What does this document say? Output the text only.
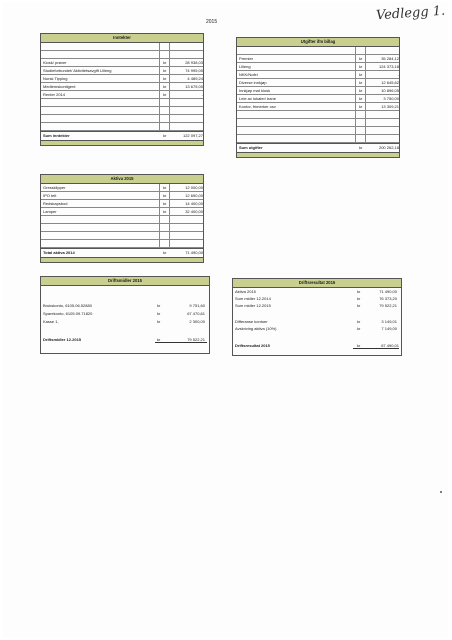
2015	Vedlegg 1.
Inntekter
Kiosk/ prøver	kr	28 938,03
Studieforbundet/ Aktivitetsavgift Lilleng	kr	74 995,00
Norsk Tipping	kr	4 489,24
Medlemskontigent	kr	13 675,00
Renter 2014	kr	-
Sum inntekter	kr	122 097,27
Utgifter ifm billag
Premier	kr	35 284,12
Lilleng	kr	124 373,18
NKK/Nofel	kr	-
Diverse innkjøp	kr	12 645,62
Innkjøp mat kiosk	kr	10 896,05
Leie av lokaler/ bane	kr	3 750,00
Kontor, frimerker osv	kr	13 309,21
Sum utgifter	kr	200 262,18
Aktiva 2015
Gressklipper	kr	12 000,00
IPO telt	kr	12 690,00
Redskapsbod	kr	14 400,00
Lamper	kr	32 400,00
Total aktiva 2014	kr	71 490,00
Driftsmidler 2015
Brukskonto, 6105.06.52880	kr	9 751,60
Sparekonto, 6105.09.71820	kr	67 470,61
Kasse 1,	kr	2 300,00
Driftsmidler 12.2015	kr	79 522,21
Driftsresultat 2015
Aktiva 2015	kr	71 490,00
Sum midler 12.2014	kr	76 373,20
Sum midler 12.2015	kr	79 522,21
Differanse kontoer	kr	3 149,01
Avskriving aktiva (10%)	kr	7 149,00
Driftsresultat 2015	kr	67 490,01
